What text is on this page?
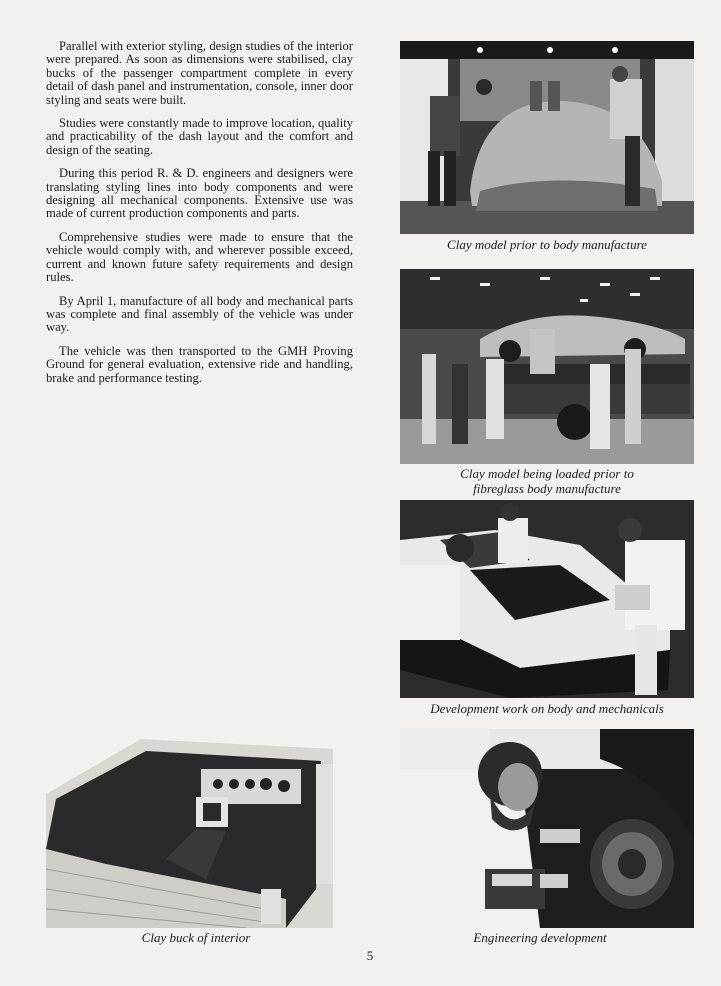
Parallel with exterior styling, design studies of the interior were prepared. As soon as dimensions were stabilised, clay bucks of the passenger compartment complete in every detail of dash panel and instrumentation, console, inner door styling and seats were built.

Studies were constantly made to improve location, quality and practicability of the dash layout and the comfort and design of the seating.

During this period R. & D. engineers and designers were translating styling lines into body components and were designing all mechanical components. Extensive use was made of current production components and parts.

Comprehensive studies were made to ensure that the vehicle would comply with, and wherever possible exceed, current and known future safety requirements and design rules.

By April 1, manufacture of all body and mechanical parts was complete and final assembly of the vehicle was under way.

The vehicle was then transported to the GMH Proving Ground for general evaluation, extensive ride and handling, brake and performance testing.

Clay model prior to body manufacture
Clay model being loaded prior to
fibreglass body manufacture
Development work on body and mechanicals
Clay buck of interior	Engineering development
5
